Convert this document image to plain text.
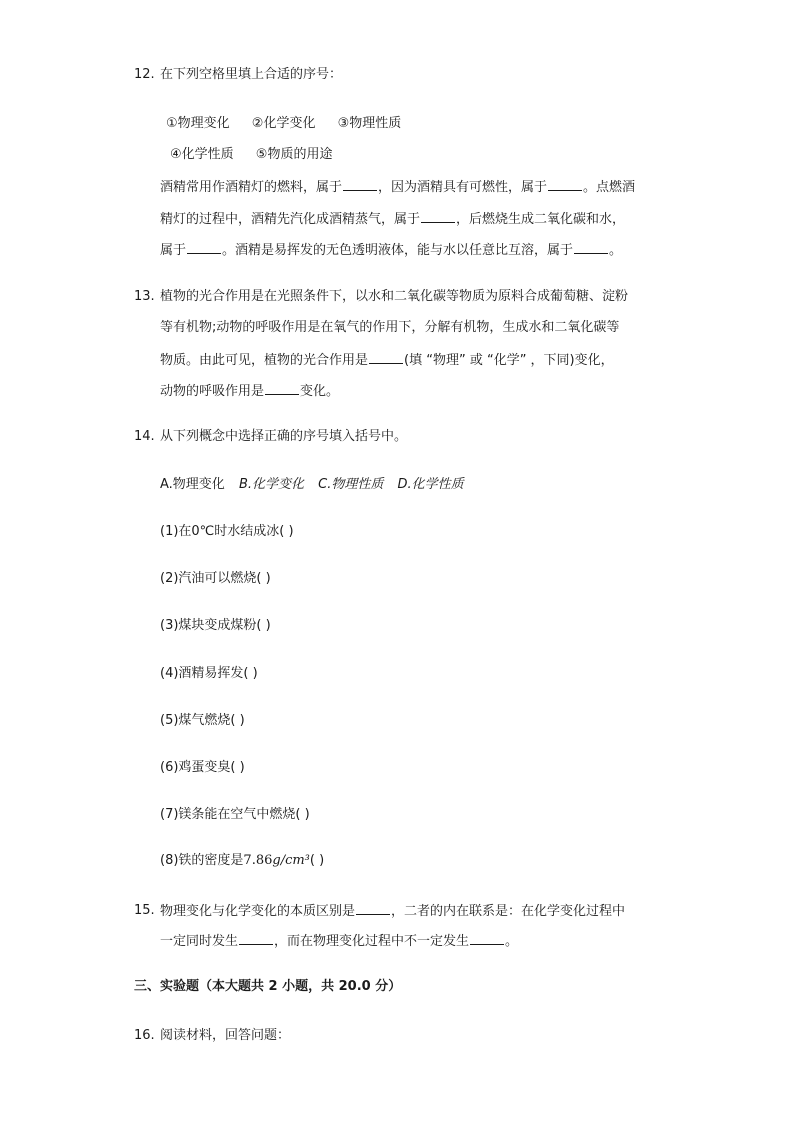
12. 在下列空格里填上合适的序号：
①物理变化 ②化学变化 ③物理性质
④化学性质 ⑤物质的用途
酒精常用作酒精灯的燃料，属于	，因为酒精具有可燃性，属于	。点燃酒
精灯的过程中，酒精先汽化成酒精蒸气，属于	，后燃烧生成二氧化碳和水，
属于	。酒精是易挥发的无色透明液体，能与水以任意比互溶，属于	。
13. 植物的光合作用是在光照条件下，以水和二氧化碳等物质为原料合成葡萄糖、淀粉
等有机物;动物的呼吸作用是在氧气的作用下，分解有机物，生成水和二氧化碳等
物质。由此可见，植物的光合作用是	(填 “物理” 或 “化学” ，下同)变化，
动物的呼吸作用是	变化。
14. 从下列概念中选择正确的序号填入括号中。
A.物理变化 B.化学变化 C.物理性质 D.化学性质
(1)在0℃时水结成冰( )
(2)汽油可以燃烧( )
(3)煤块变成煤粉( )
(4)酒精易挥发( )
(5)煤气燃烧( )
(6)鸡蛋变臭( )
(7)镁条能在空气中燃烧( )
(8)铁的密度是7.86g/cm³( )
15. 物理变化与化学变化的本质区别是	，二者的内在联系是：在化学变化过程中
一定同时发生	，而在物理变化过程中不一定发生	。
三、实验题（本大题共 2 小题，共 20.0 分）
16. 阅读材料，回答问题：
